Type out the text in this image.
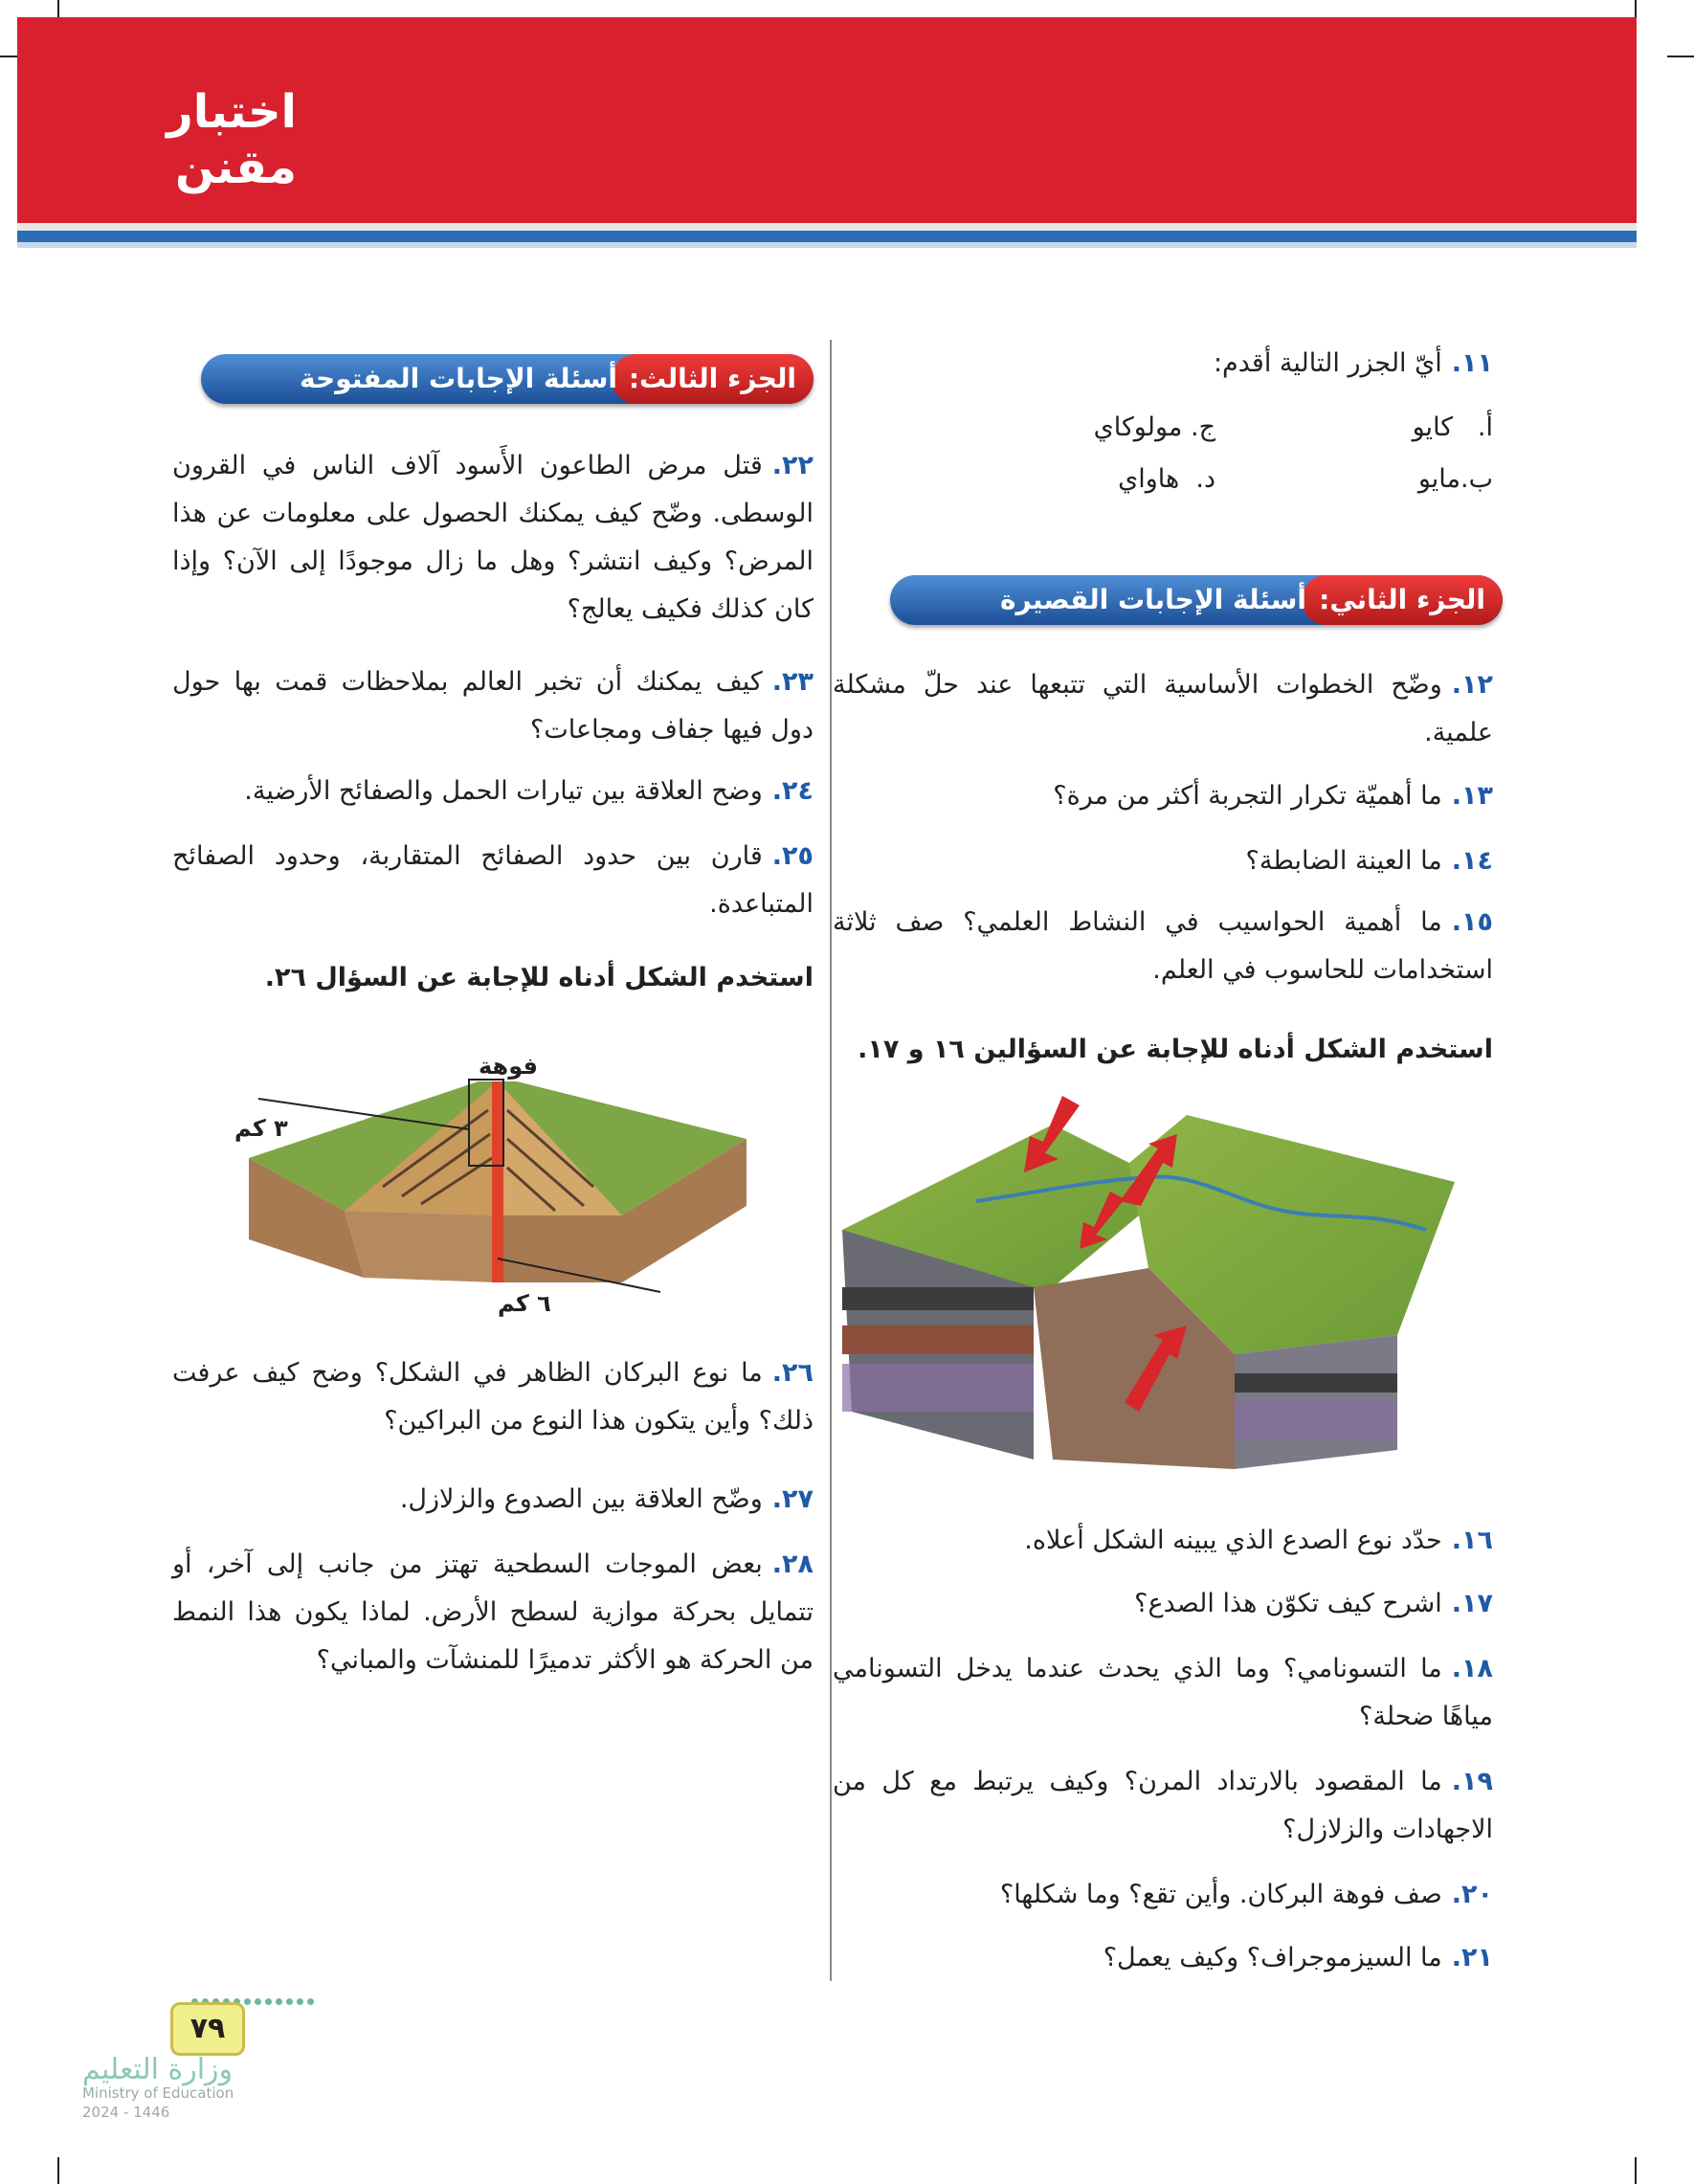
اختبار
مقنن
١١.أيّ الجزر التالية أقدم:
أ.   كايو
ب.مايو
ج. مولوكاي
د.  هاواي
الجزء الثاني:
أسئلة الإجابات القصيرة
١٢.وضّح الخطوات الأساسية التي تتبعها عند حلّ مشكلة علمية.
١٣.ما أهميّة تكرار التجربة أكثر من مرة؟
١٤.ما العينة الضابطة؟
١٥.ما أهمية الحواسيب في النشاط العلمي؟ صف ثلاثة استخدامات للحاسوب في العلم.
استخدم الشكل أدناه للإجابة عن السؤالين ١٦ و ١٧.
١٦.حدّد نوع الصدع الذي يبينه الشكل أعلاه.
١٧.اشرح كيف تكوّن هذا الصدع؟
١٨.ما التسونامي؟ وما الذي يحدث عندما يدخل التسونامي مياهًا ضحلة؟
١٩.ما المقصود بالارتداد المرن؟ وكيف يرتبط مع كل من الاجهادات والزلازل؟
٢٠.صف فوهة البركان. وأين تقع؟ وما شكلها؟
٢١.ما السيزموجراف؟ وكيف يعمل؟
الجزء الثالث:
أسئلة الإجابات المفتوحة
٢٢.قتل مرض الطاعون الأَسود آلاف الناس في القرون الوسطى. وضّح كيف يمكنك الحصول على معلومات عن هذا المرض؟ وكيف انتشر؟ وهل ما زال موجودًا إلى الآن؟ وإذا كان كذلك فكيف يعالج؟
٢٣.كيف يمكنك أن تخبر العالم بملاحظات قمت بها حول دول فيها جفاف ومجاعات؟
٢٤.وضح العلاقة بين تيارات الحمل والصفائح الأرضية.
٢٥.قارن بين حدود الصفائح المتقاربة، وحدود الصفائح المتباعدة.
استخدم الشكل أدناه للإجابة عن السؤال ٢٦.
فوهة
٣ كم
٦ كم
٢٦.ما نوع البركان الظاهر في الشكل؟ وضح كيف عرفت ذلك؟ وأين يتكون هذا النوع من البراكين؟
٢٧.وضّح العلاقة بين الصدوع والزلازل.
٢٨.بعض الموجات السطحية تهتز من جانب إلى آخر، أو تتمايل بحركة موازية لسطح الأرض. لماذا يكون هذا النمط من الحركة هو الأكثر تدميرًا للمنشآت والمباني؟
٧٩
وزارة التعليم
Ministry of Education
2024 - 1446
